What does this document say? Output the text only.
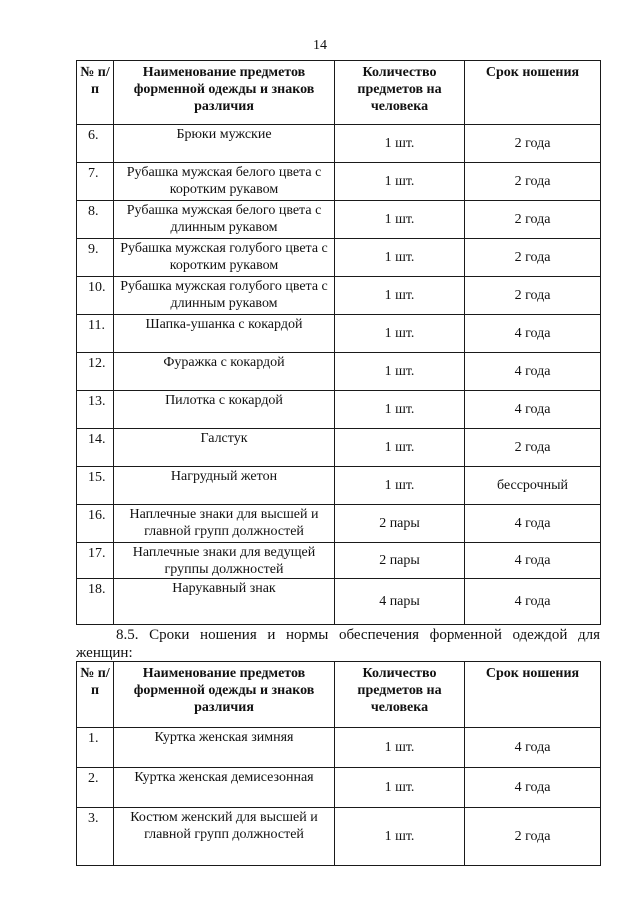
14
№ п/п	Наименование предметов форменной одежды и знаков различия	Количество предметов на человека	Срок ношения
6.	Брюки мужские	1 шт.	2 года
7.	Рубашка мужская белого цвета с коротким рукавом	1 шт.	2 года
8.	Рубашка мужская белого цвета с длинным рукавом	1 шт.	2 года
9.	Рубашка мужская голубого цвета с коротким рукавом	1 шт.	2 года
10.	Рубашка мужская голубого цвета с длинным рукавом	1 шт.	2 года
11.	Шапка-ушанка с кокардой	1 шт.	4 года
12.	Фуражка с кокардой	1 шт.	4 года
13.	Пилотка с кокардой	1 шт.	4 года
14.	Галстук	1 шт.	2 года
15.	Нагрудный жетон	1 шт.	бессрочный
16.	Наплечные знаки для высшей и главной групп должностей	2 пары	4 года
17.	Наплечные знаки для ведущей группы должностей	2 пары	4 года
18.	Нарукавный знак	4 пары	4 года
8.5. Сроки ношения и нормы обеспечения форменной одеждой для женщин:
№ п/п	Наименование предметов форменной одежды и знаков различия	Количество предметов на человека	Срок ношения
1.	Куртка женская зимняя	1 шт.	4 года
2.	Куртка женская демисезонная	1 шт.	4 года
3.	Костюм женский для высшей и главной групп должностей	1 шт.	2 года
